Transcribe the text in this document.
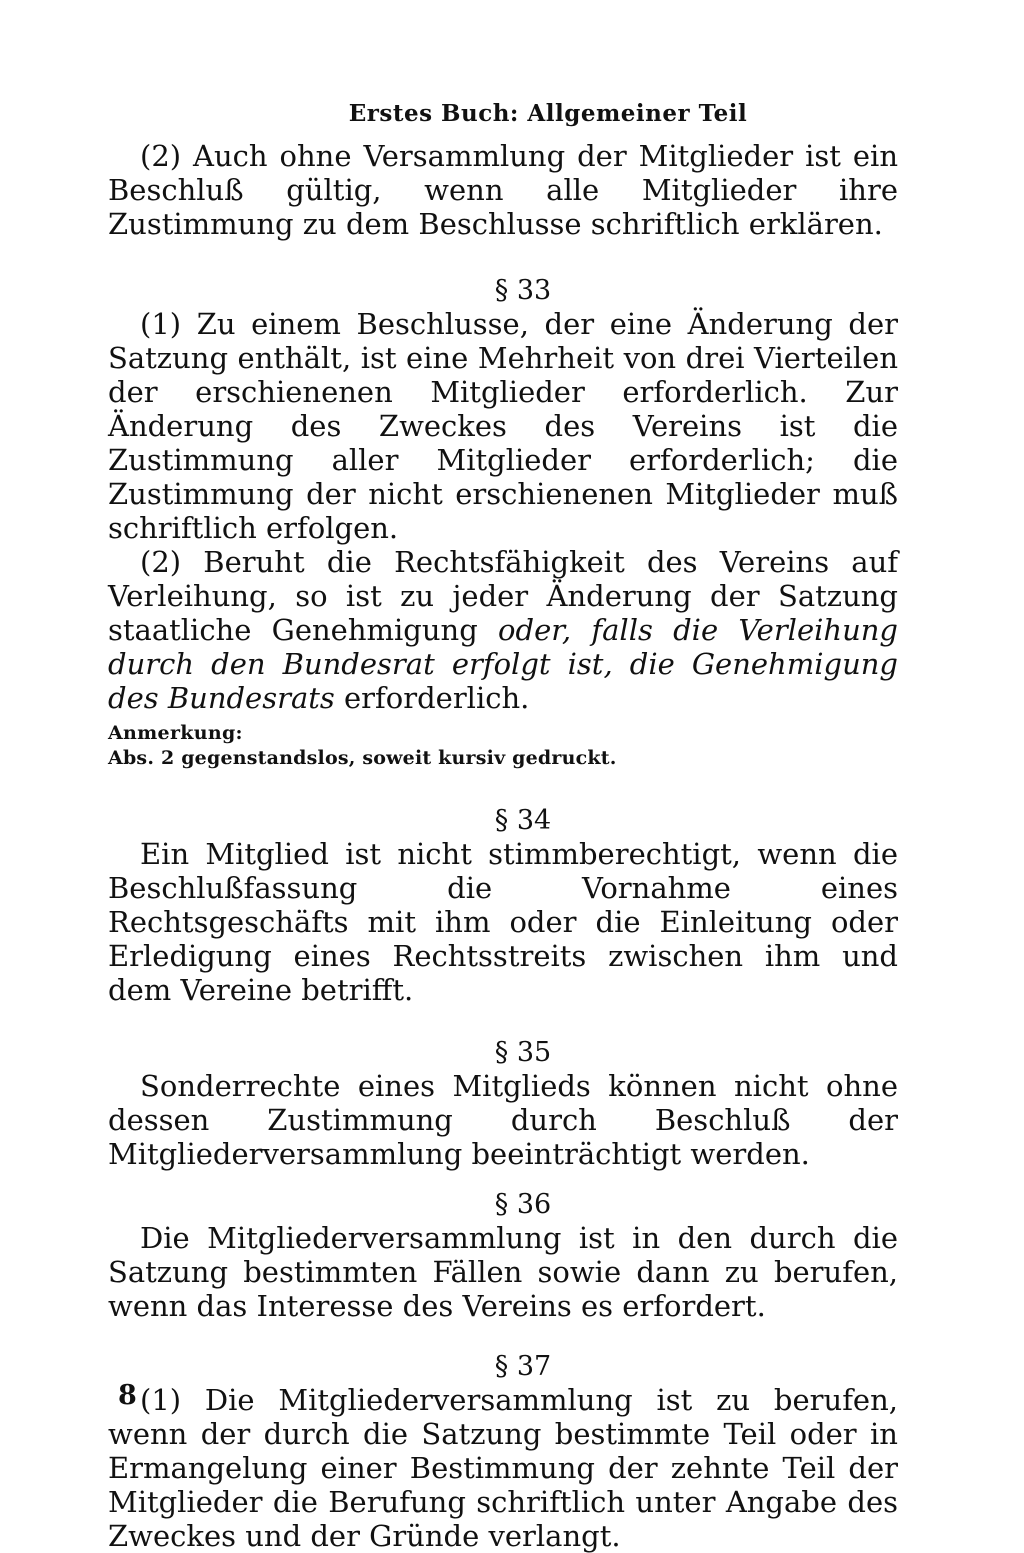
Erstes Buch: Allgemeiner Teil

(2) Auch ohne Versammlung der Mitglieder ist ein Beschluß gültig, wenn alle Mitglieder ihre Zustimmung zu dem Beschlusse schriftlich erklären.

§ 33

(1) Zu einem Beschlusse, der eine Änderung der Satzung enthält, ist eine Mehrheit von drei Vierteilen der erschienenen Mitglieder erforderlich. Zur Änderung des Zweckes des Vereins ist die Zustimmung aller Mitglieder erforderlich; die Zustimmung der nicht erschienenen Mitglieder muß schriftlich erfolgen.

(2) Beruht die Rechtsfähigkeit des Vereins auf Verleihung, so ist zu jeder Änderung der Satzung staatliche Genehmigung oder, falls die Verleihung durch den Bundesrat erfolgt ist, die Genehmigung des Bundesrats erforderlich.

Anmerkung:
Abs. 2 gegenstandslos, soweit kursiv gedruckt.
§ 34

Ein Mitglied ist nicht stimmberechtigt, wenn die Beschlußfassung die Vornahme eines Rechtsgeschäfts mit ihm oder die Einleitung oder Erledigung eines Rechtsstreits zwischen ihm und dem Vereine betrifft.

§ 35

Sonderrechte eines Mitglieds können nicht ohne dessen Zustimmung durch Beschluß der Mitgliederversammlung beeinträchtigt werden.

§ 36

Die Mitgliederversammlung ist in den durch die Satzung bestimmten Fällen sowie dann zu berufen, wenn das Interesse des Vereins es erfordert.

§ 37

(1) Die Mitgliederversammlung ist zu berufen, wenn der durch die Satzung bestimmte Teil oder in Ermangelung einer Bestimmung der zehnte Teil der Mitglieder die Berufung schriftlich unter Angabe des Zweckes und der Gründe verlangt.

8
